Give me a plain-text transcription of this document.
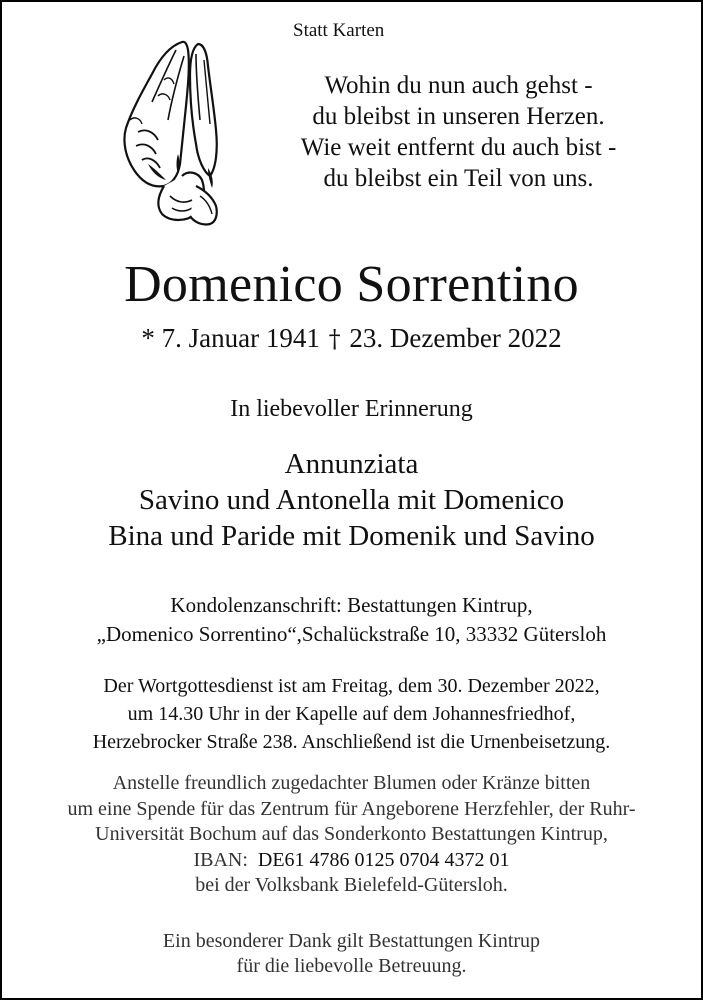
Statt Karten
Wohin du nun auch gehst -
du bleibst in unseren Herzen.
Wie weit entfernt du auch bist -
du bleibst ein Teil von uns.
Domenico Sorrentino
* 7. Januar 1941 † 23. Dezember 2022
In liebevoller Erinnerung
Annunziata
Savino und Antonella mit Domenico
Bina und Paride mit Domenik und Savino
Kondolenzanschrift: Bestattungen Kintrup,
„Domenico Sorrentino“,Schalückstraße 10, 33332 Gütersloh
Der Wortgottesdienst ist am Freitag, dem 30. Dezember 2022,
um 14.30 Uhr in der Kapelle auf dem Johannesfriedhof,
Herzebrocker Straße 238. Anschließend ist die Urnenbeisetzung.
Anstelle freundlich zugedachter Blumen oder Kränze bitten
um eine Spende für das Zentrum für Angeborene Herzfehler, der Ruhr-
Universität Bochum auf das Sonderkonto Bestattungen Kintrup,
IBAN: DE61 4786 0125 0704 4372 01
bei der Volksbank Bielefeld-Gütersloh.
Ein besonderer Dank gilt Bestattungen Kintrup
für die liebevolle Betreuung.
